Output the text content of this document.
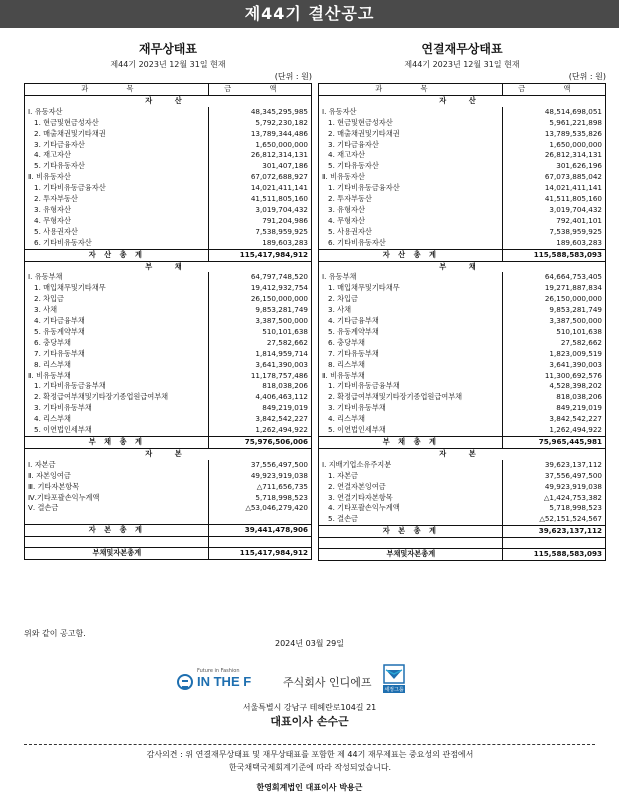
제44기 결산공고
재무상태표
제44기 2023년 12월 31일 현재
(단위 : 원)
과 목	금 액
자 산	
Ⅰ. 유동자산	48,345,295,985
1. 현금및현금성자산	5,792,230,182
2. 매출채권및기타채권	13,789,344,486
3. 기타금융자산	1,650,000,000
4. 재고자산	26,812,314,131
5. 기타유동자산	301,407,186
Ⅱ. 비유동자산	67,072,688,927
1. 기타비유동금융자산	14,021,411,141
2. 투자부동산	41,511,805,160
3. 유형자산	3,019,704,432
4. 무형자산	791,204,986
5. 사용권자산	7,538,959,925
6. 기타비유동자산	189,603,283
자 산 총 계	115,417,984,912
부 채	
Ⅰ. 유동부채	64,797,748,520
1. 매입채무및기타채무	19,412,932,754
2. 차입금	26,150,000,000
3. 사채	9,853,281,749
4. 기타금융부채	3,387,500,000
5. 유동계약부채	510,101,638
6. 충당부채	27,582,662
7. 기타유동부채	1,814,959,714
8. 리스부채	3,641,390,003
Ⅱ. 비유동부채	11,178,757,486
1. 기타비유동금융부채	818,038,206
2. 확정급여부채및기타장기종업원급여부채	4,406,463,112
3. 기타비유동부채	849,219,019
4. 리스부채	3,842,542,227
5. 이연법인세부채	1,262,494,922
부 채 총 계	75,976,506,006
자 본	
Ⅰ. 자본금	37,556,497,500
Ⅱ. 자본잉여금	49,923,919,038
Ⅲ. 기타자본항목	△711,656,735
Ⅳ.기타포괄손익누계액	5,718,998,523
Ⅴ. 결손금	△53,046,279,420

자 본 총 계	39,441,478,906

부채및자본총계	115,417,984,912
연결재무상태표
제44기 2023년 12월 31일 현재
(단위 : 원)
과 목	금 액
자 산	
Ⅰ. 유동자산	48,514,698,051
1. 현금및현금성자산	5,961,221,898
2. 매출채권및기타채권	13,789,535,826
3. 기타금융자산	1,650,000,000
4. 재고자산	26,812,314,131
5. 기타유동자산	301,626,196
Ⅱ. 비유동자산	67,073,885,042
1. 기타비유동금융자산	14,021,411,141
2. 투자부동산	41,511,805,160
3. 유형자산	3,019,704,432
4. 무형자산	792,401,101
5. 사용권자산	7,538,959,925
6. 기타비유동자산	189,603,283
자 산 총 계	115,588,583,093
부 채	
Ⅰ. 유동부채	64,664,753,405
1. 매입채무및기타채무	19,271,887,834
2. 차입금	26,150,000,000
3. 사채	9,853,281,749
4. 기타금융부채	3,387,500,000
5. 유동계약부채	510,101,638
6. 충당부채	27,582,662
7. 기타유동부채	1,823,009,519
8. 리스부채	3,641,390,003
Ⅱ. 비유동부채	11,300,692,576
1. 기타비유동금융부채	4,528,398,202
2. 확정급여부채및기타장기종업원급여부채	818,038,206
3. 기타비유동부채	849,219,019
4. 리스부채	3,842,542,227
5. 이연법인세부채	1,262,494,922
부 채 총 계	75,965,445,981
자 본	
Ⅰ. 지배기업소유주지분	39,623,137,112
1. 자본금	37,556,497,500
2. 연결자본잉여금	49,923,919,038
3. 연결기타자본항목	△1,424,753,382
4. 기타포괄손익누계액	5,718,998,523
5. 결손금	△52,151,524,567
자 본 총 계	39,623,137,112

부채및자본총계	115,588,583,093
위와 같이 공고함.
2024년 03월 29일
Future in Fashion
IN THE F	주식회사 인디에프
세정그룹
서울특별시 강남구 테헤란로104길 21
대표이사 손수근
감사의견 : 위 연결재무상태표 및 재무상태표를 포함한 제 44기 재무제표는 중요성의 관점에서
한국채택국제회계기준에 따라 작성되었습니다.
한영회계법인 대표이사 박용근
